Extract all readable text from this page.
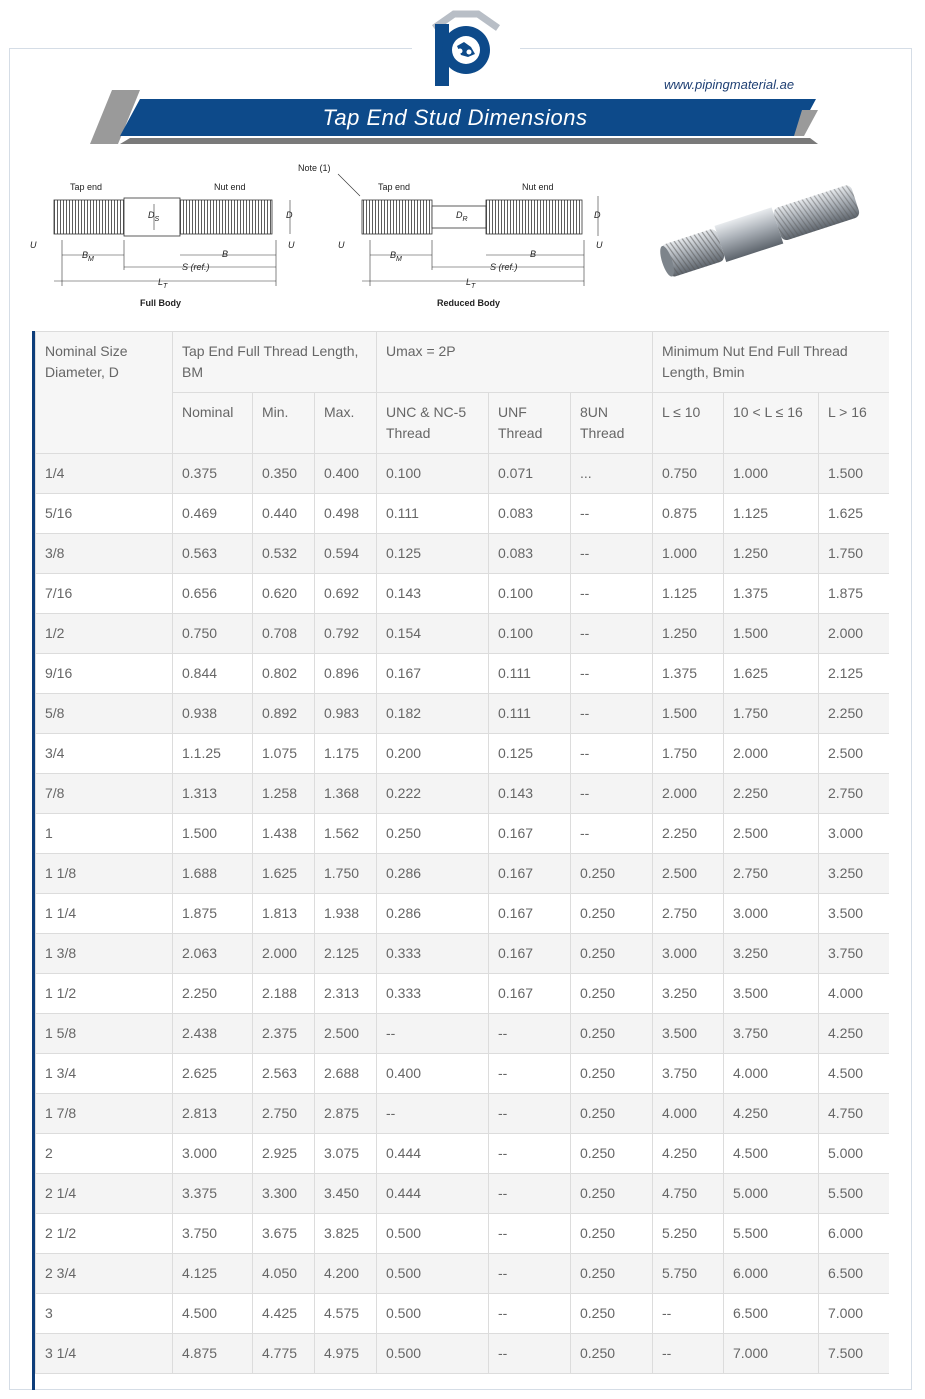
www.pipingmaterial.ae
Tap End Stud Dimensions
Tap end	Nut end
$D_S$	D
U	U
$B_M$
B
S (ref.)
$L_T$
Full Body
Note (1)
Tap end	Nut end
$D_R$	D
U	U
$B_M$
B
S (ref.)
$L_T$
Reduced Body
Nominal Size Diameter, D	Tap End Full Thread Length, BM			Umax = 2P			Minimum Nut End Full Thread Length, Bmin		
	Nominal	Min.	Max.	UNC & NC-5 Thread	UNF Thread	8UN Thread	L ≤ 10	10 < L ≤ 16	L > 16
1/4	0.375	0.350	0.400	0.100	0.071	...	0.750	1.000	1.500
5/16	0.469	0.440	0.498	0.111	0.083	--	0.875	1.125	1.625
3/8	0.563	0.532	0.594	0.125	0.083	--	1.000	1.250	1.750
7/16	0.656	0.620	0.692	0.143	0.100	--	1.125	1.375	1.875
1/2	0.750	0.708	0.792	0.154	0.100	--	1.250	1.500	2.000
9/16	0.844	0.802	0.896	0.167	0.111	--	1.375	1.625	2.125
5/8	0.938	0.892	0.983	0.182	0.111	--	1.500	1.750	2.250
3/4	1.1.25	1.075	1.175	0.200	0.125	--	1.750	2.000	2.500
7/8	1.313	1.258	1.368	0.222	0.143	--	2.000	2.250	2.750
1	1.500	1.438	1.562	0.250	0.167	--	2.250	2.500	3.000
1 1/8	1.688	1.625	1.750	0.286	0.167	0.250	2.500	2.750	3.250
1 1/4	1.875	1.813	1.938	0.286	0.167	0.250	2.750	3.000	3.500
1 3/8	2.063	2.000	2.125	0.333	0.167	0.250	3.000	3.250	3.750
1 1/2	2.250	2.188	2.313	0.333	0.167	0.250	3.250	3.500	4.000
1 5/8	2.438	2.375	2.500	--	--	0.250	3.500	3.750	4.250
1 3/4	2.625	2.563	2.688	0.400	--	0.250	3.750	4.000	4.500
1 7/8	2.813	2.750	2.875	--	--	0.250	4.000	4.250	4.750
2	3.000	2.925	3.075	0.444	--	0.250	4.250	4.500	5.000
2 1/4	3.375	3.300	3.450	0.444	--	0.250	4.750	5.000	5.500
2 1/2	3.750	3.675	3.825	0.500	--	0.250	5.250	5.500	6.000
2 3/4	4.125	4.050	4.200	0.500	--	0.250	5.750	6.000	6.500
3	4.500	4.425	4.575	0.500	--	0.250	--	6.500	7.000
3 1/4	4.875	4.775	4.975	0.500	--	0.250	--	7.000	7.500
